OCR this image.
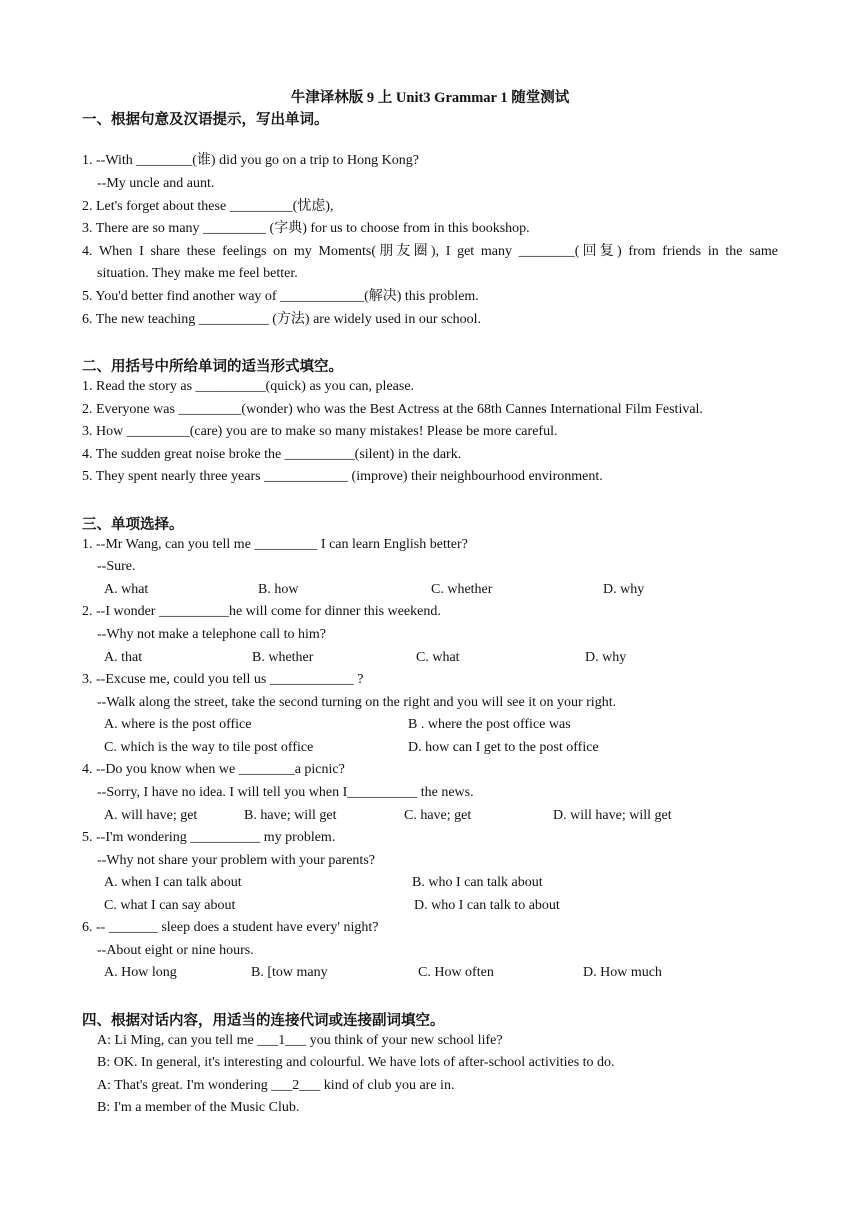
牛津译林版 9 上 Unit3 Grammar 1 随堂测试
一、根据句意及汉语提示，写出单词。
1. --With ________(谁) did you go on a trip to Hong Kong?
--My uncle and aunt.
2. Let's forget about these _________(忧虑),
3. There are so many _________ (字典) for us to choose from in this bookshop.
4. When I share these feelings on my Moments(朋友圈), I get many ________(回复) from friends in the same
situation. They make me feel better.
5. You'd better find another way of ____________(解决) this problem.
6. The new teaching __________ (方法) are widely used in our school.
二、用括号中所给单词的适当形式填空。
1. Read the story as __________(quick) as you can, please.
2. Everyone was _________(wonder) who was the Best Actress at the 68th Cannes International Film Festival.
3. How _________(care) you are to make so many mistakes! Please be more careful.
4. The sudden great noise broke the __________(silent) in the dark.
5. They spent nearly three years ____________ (improve) their neighbourhood environment.
三、单项选择。
1. --Mr Wang, can you tell me _________ I can learn English better?
--Sure.
A. what	B. how	C. whether	D. why
2. --I wonder __________he will come for dinner this weekend.
--Why not make a telephone call to him?
A. that	B. whether	C. what	D. why
3. --Excuse me, could you tell us ____________ ?
--Walk along the street, take the second turning on the right and you will see it on your right.
A. where is the post office	B . where the post office was
C. which is the way to tile post office	D. how can I get to the post office
4. --Do you know when we ________a picnic?
--Sorry, I have no idea. I will tell you when I__________ the news.
A. will have; get	B. have; will get	C. have; get	D. will have; will get
5. --I'm wondering __________ my problem.
--Why not share your problem with your parents?
A. when I can talk about	B. who I can talk about
C. what I can say about	D. who I can talk to about
6. -- _______ sleep does a student have every' night?
--About eight or nine hours.
A. How long	B. [tow many	C. How often	D. How much
四、根据对话内容，用适当的连接代词或连接副词填空。
A: Li Ming, can you tell me ___1___ you think of your new school life?
B: OK. In general, it's interesting and colourful. We have lots of after-school activities to do.
A: That's great. I'm wondering ___2___ kind of club you are in.
B: I'm a member of the Music Club.
